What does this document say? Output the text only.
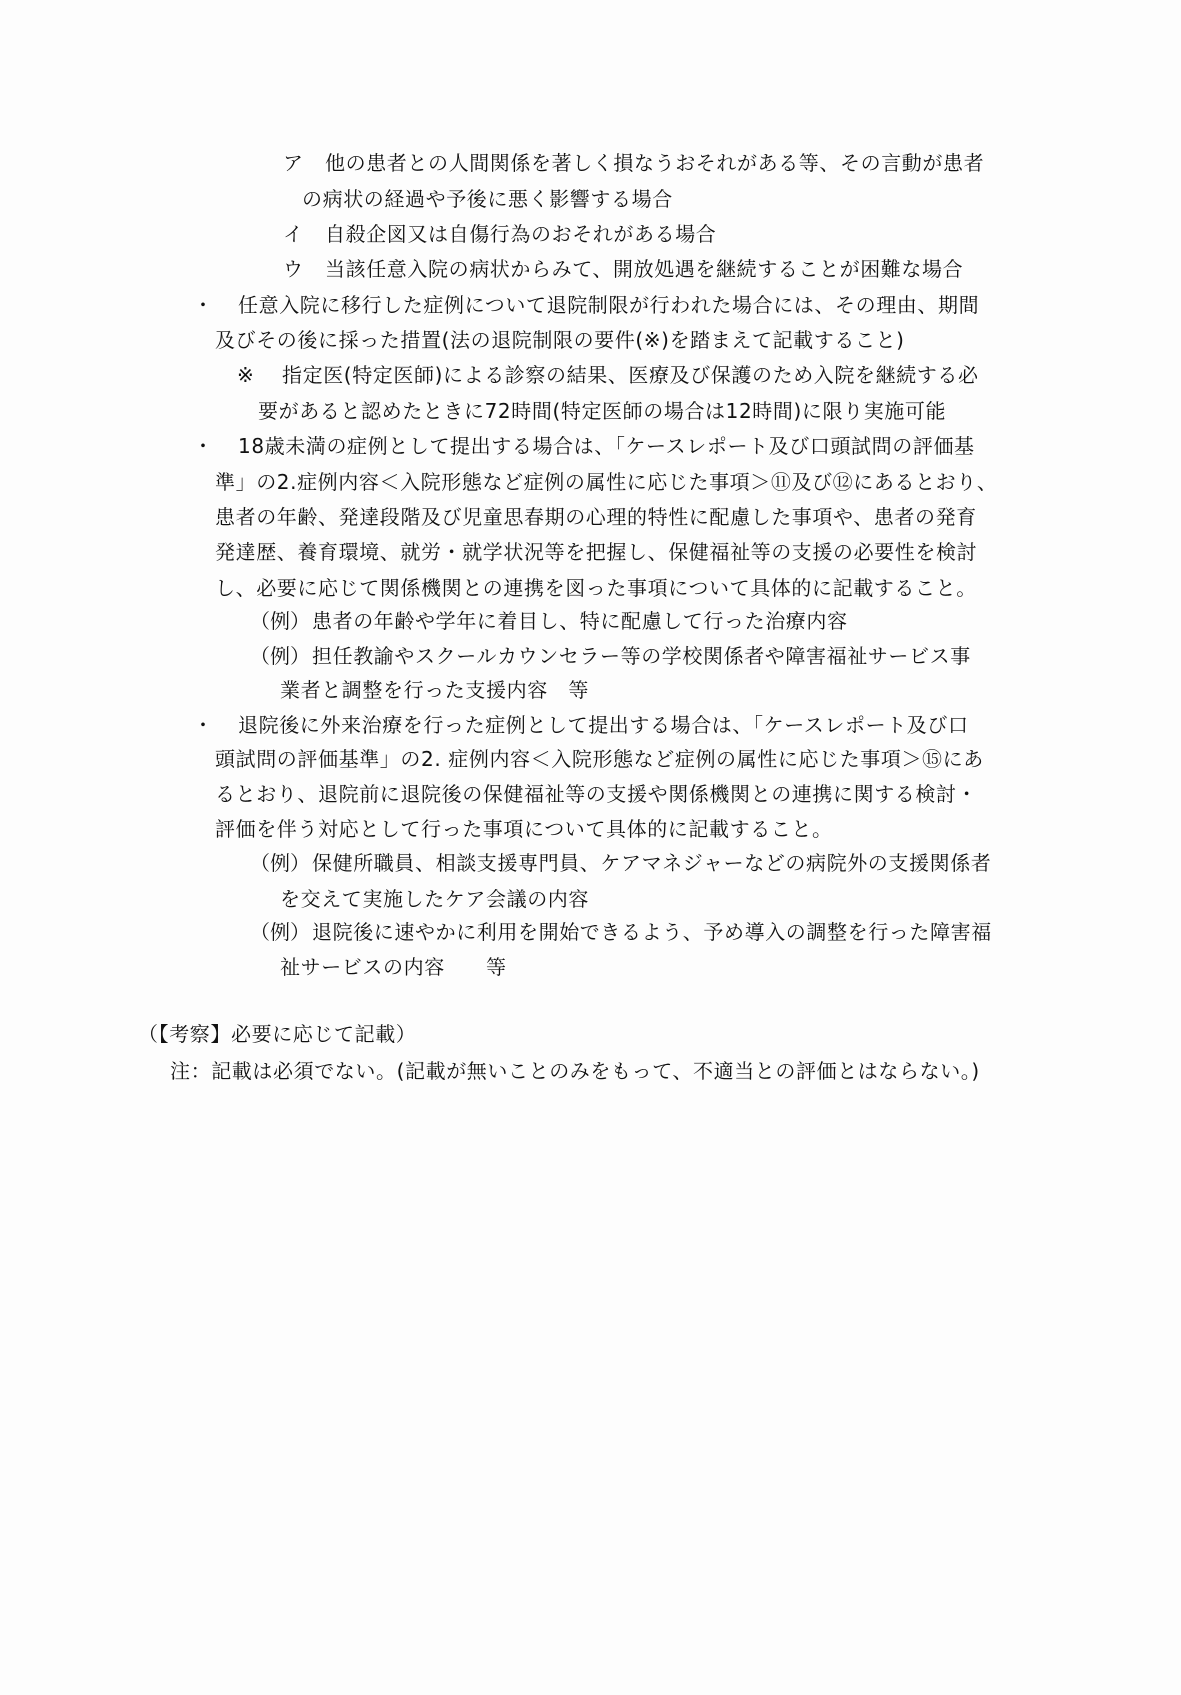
ア 他の患者との人間関係を著しく損なうおそれがある等、その言動が患者
の病状の経過や予後に悪く影響する場合
イ 自殺企図又は自傷行為のおそれがある場合
ウ 当該任意入院の病状からみて、開放処遇を継続することが困難な場合
・ 任意入院に移行した症例について退院制限が行われた場合には、その理由、期間
及びその後に採った措置(法の退院制限の要件(※)を踏まえて記載すること)
※ 指定医(特定医師)による診察の結果、医療及び保護のため入院を継続する必
要があると認めたときに72時間(特定医師の場合は12時間)に限り実施可能
・ 18歳未満の症例として提出する場合は、「ケースレポート及び口頭試問の評価基
準」の2.症例内容＜入院形態など症例の属性に応じた事項＞⑪及び⑫にあるとおり、
患者の年齢、発達段階及び児童思春期の心理的特性に配慮した事項や、患者の発育
発達歴、養育環境、就労・就学状況等を把握し、保健福祉等の支援の必要性を検討
し、必要に応じて関係機関との連携を図った事項について具体的に記載すること。
（例） 患者の年齢や学年に着目し、特に配慮して行った治療内容
（例） 担任教諭やスクールカウンセラー等の学校関係者や障害福祉サービス事
業者と調整を行った支援内容　等
・ 退院後に外来治療を行った症例として提出する場合は、「ケースレポート及び口
頭試問の評価基準」の2. 症例内容＜入院形態など症例の属性に応じた事項＞⑮にあ
るとおり、退院前に退院後の保健福祉等の支援や関係機関との連携に関する検討・
評価を伴う対応として行った事項について具体的に記載すること。
（例） 保健所職員、相談支援専門員、ケアマネジャーなどの病院外の支援関係者
を交えて実施したケア会議の内容
（例） 退院後に速やかに利用を開始できるよう、予め導入の調整を行った障害福
祉サービスの内容　　等
（【考察】必要に応じて記載）
注：記載は必須でない。(記載が無いことのみをもって、不適当との評価とはならない。)
